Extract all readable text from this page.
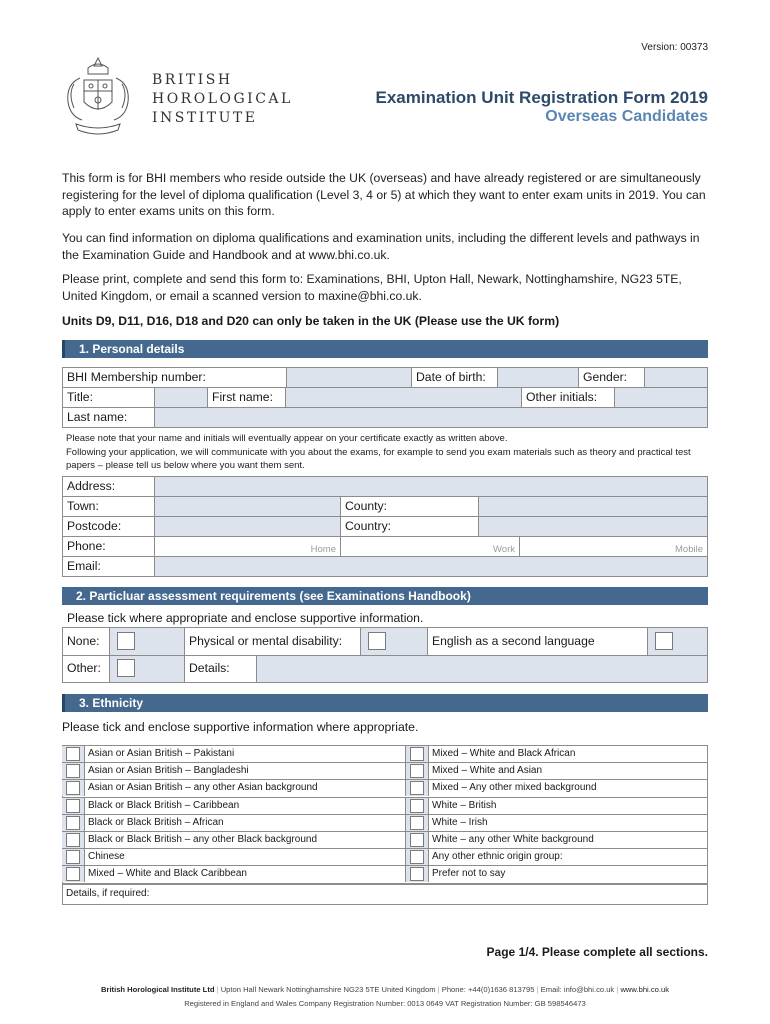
Version: 00373
BRITISH
HOROLOGICAL
INSTITUTE
Examination Unit Registration Form 2019
Overseas Candidates
This form is for BHI members who reside outside the UK (overseas) and have already registered or are simultaneously registering for the level of diploma qualification (Level 3, 4 or 5) at which they want to enter exam units in 2019. You can apply to enter exams units on this form.
You can find information on diploma qualifications and examination units, including the different levels and pathways in the Examination Guide and Handbook and at www.bhi.co.uk.
Please print, complete and send this form to: Examinations, BHI, Upton Hall, Newark, Nottinghamshire, NG23 5TE, United Kingdom, or email a scanned version to maxine@bhi.co.uk.
Units D9, D11, D16, D18 and D20 can only be taken in the UK (Please use the UK form)
1. Personal details
BHI Membership number:	Date of birth:	Gender:
Title:	First name:	Other initials:
Last name:
Please note that your name and initials will eventually appear on your certificate exactly as written above.
Following your application, we will communicate with you about the exams, for example to send you exam materials such as theory and practical test papers – please tell us below where you want them sent.
Address:
Town:	County:
Postcode:	Country:
Phone:	Home	Work	Mobile
Email:
2. Particluar assessment requirements (see Examinations Handbook)
Please tick where appropriate and enclose supportive information.
None:	Physical or mental disability:	English as a second language
Other:	Details:
3. Ethnicity
Please tick and enclose supportive information where appropriate.
Asian or Asian British – Pakistani	Mixed – White and Black African
Asian or Asian British – Bangladeshi	Mixed – White and Asian
Asian or Asian British – any other Asian background	Mixed – Any other mixed background
Black or Black British – Caribbean	White – British
Black or Black British – African	White – Irish
Black or Black British – any other Black background	White – any other White background
Chinese	Any other ethnic origin group:
Mixed – White and Black Caribbean	Prefer not to say
Details, if required:
Page 1/4. Please complete all sections.
British Horological Institute Ltd | Upton Hall Newark Nottinghamshire NG23 5TE United Kingdom | Phone: +44(0)1636 813795 | Email: info@bhi.co.uk | www.bhi.co.uk
Registered in England and Wales Company Registration Number: 0013 0649 VAT Registration Number: GB 598546473
